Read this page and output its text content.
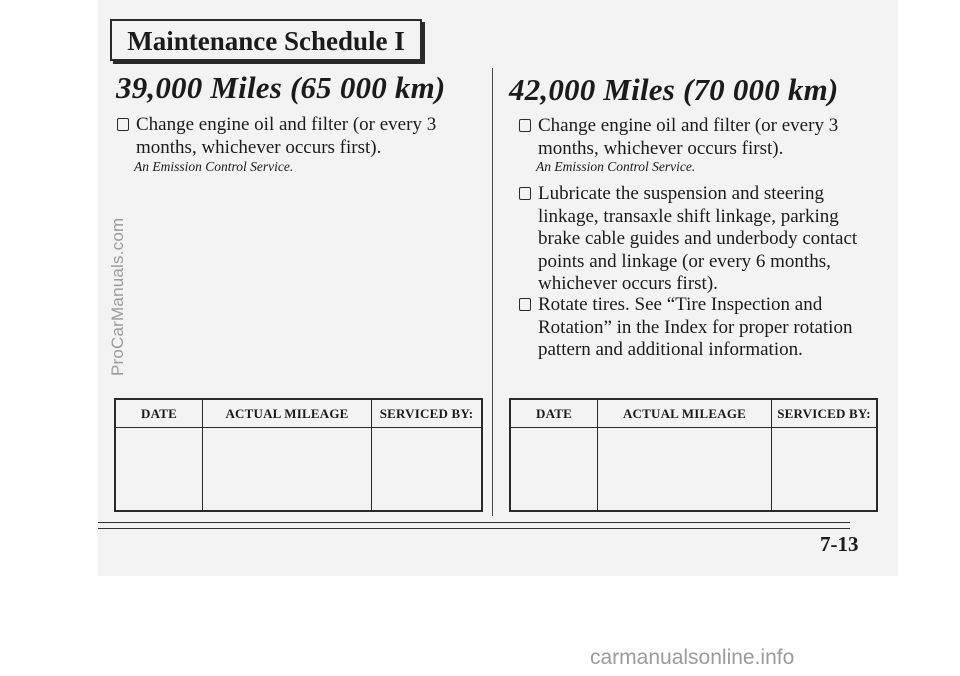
Maintenance Schedule I
39,000 Miles (65 000 km)
Change engine oil and filter (or every 3 months, whichever occurs first).
An Emission Control Service.
42,000 Miles (70 000 km)
Change engine oil and filter (or every 3 months, whichever occurs first).
An Emission Control Service.
Lubricate the suspension and steering linkage, transaxle shift linkage, parking brake cable guides and underbody contact points and linkage (or every 6 months, whichever occurs first).
Rotate tires. See “Tire Inspection and Rotation” in the Index for proper rotation pattern and additional information.
DATE	ACTUAL MILEAGE	SERVICED BY:
			DATE	ACTUAL MILEAGE	SERVICED BY:

7-13
ProCarManuals.com
carmanualsonline.info
